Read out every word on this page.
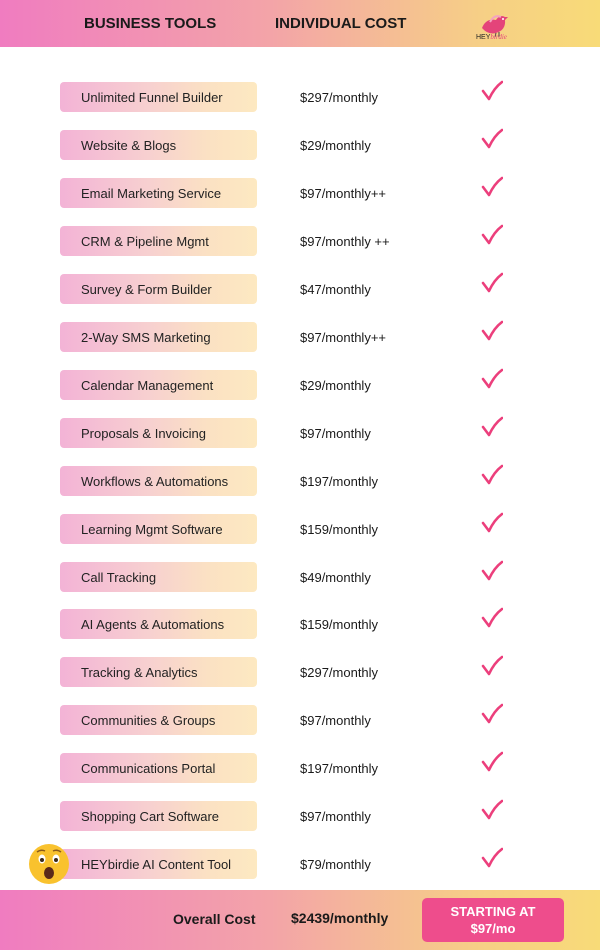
BUSINESS TOOLS	INDIVIDUAL COST
HEYbirdie
Unlimited Funnel Builder	$297/monthly
Website & Blogs	$29/monthly
Email Marketing Service	$97/monthly++
CRM & Pipeline Mgmt	$97/monthly ++
Survey & Form Builder	$47/monthly
2-Way SMS Marketing	$97/monthly++
Calendar Management	$29/monthly
Proposals & Invoicing	$97/monthly
Workflows & Automations	$197/monthly
Learning Mgmt Software	$159/monthly
Call Tracking	$49/monthly
AI Agents & Automations	$159/monthly
Tracking & Analytics	$297/monthly
Communities & Groups	$97/monthly
Communications Portal	$197/monthly
Shopping Cart Software	$97/monthly
HEYbirdie AI Content Tool	$79/monthly
Overall Cost	$2439/monthly	STARTING AT
$97/mo
